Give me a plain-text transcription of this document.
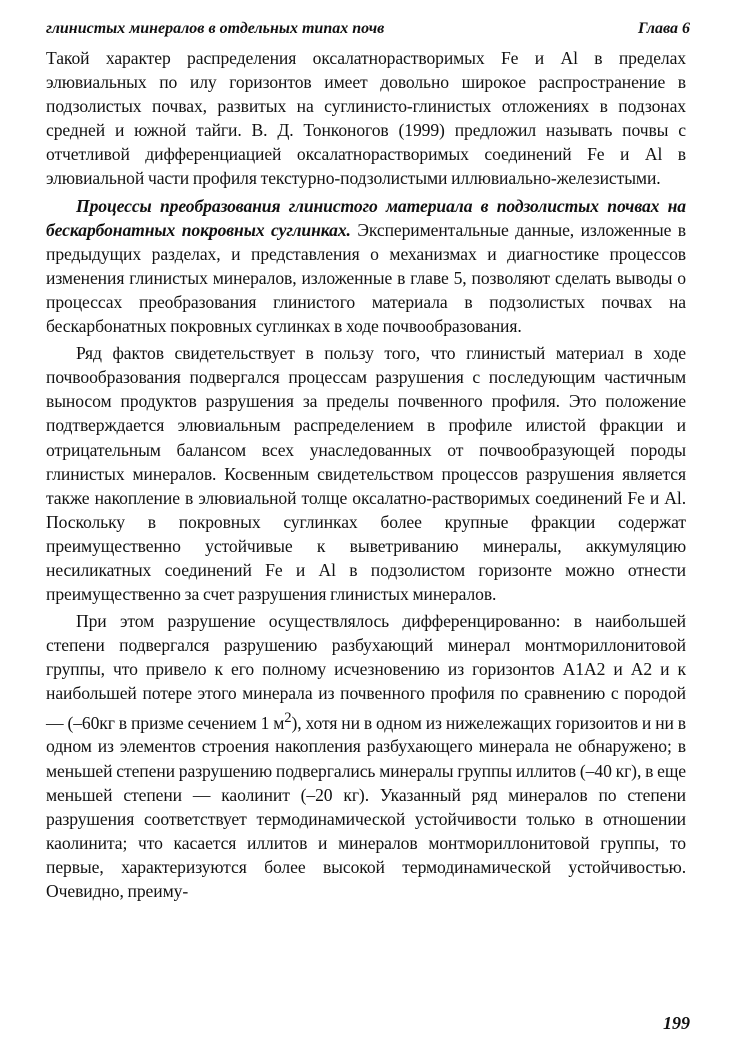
глинистых минералов в отдельных типах почв	Глава 6

Такой характер распределения оксалатнорастворимых Fe и Al в пределах элювиальных по илу горизонтов имеет довольно широкое распространение в подзолистых почвах, развитых на суглинисто-глинистых отложениях в подзонах средней и южной тайги. В. Д. Тонконогов (1999) предложил называть почвы с отчетливой дифференциацией оксалатнорастворимых соединений Fe и Al в элювиальной части профиля текстурно-подзолистыми иллювиально-железистыми.

Процессы преобразования глинистого материала в подзолистых почвах на бескарбонатных покровных суглинках. Экспериментальные данные, изложенные в предыдущих разделах, и представления о механизмах и диагностике процессов изменения глинистых минералов, изложенные в главе 5, позволяют сделать выводы о процессах преобразования глинистого материала в подзолистых почвах на бескарбонатных покровных суглинках в ходе почвообразования.

Ряд фактов свидетельствует в пользу того, что глинистый материал в ходе почвообразования подвергался процессам разрушения с последующим частичным выносом продуктов разрушения за пределы почвенного профиля. Это положение подтверждается элювиальным распределением в профиле илистой фракции и отрицательным балансом всех унаследованных от почвообразующей породы глинистых минералов. Косвенным свидетельством процессов разрушения является также накопление в элювиальной толще оксалатно-растворимых соединений Fe и Al. Поскольку в покровных суглинках более крупные фракции содержат преимущественно устойчивые к выветриванию минералы, аккумуляцию несиликатных соединений Fe и Al в подзолистом горизонте можно отнести преимущественно за счет разрушения глинистых минералов.

При этом разрушение осуществлялось дифференцированно: в наибольшей степени подвергался разрушению разбухающий минерал монтмориллонитовой группы, что привело к его полному исчезновению из горизонтов A1A2 и A2 и к наибольшей потере этого минерала из почвенного профиля по сравнению с породой — (–60кг в призме сечением 1 $м^2$), хотя ни в одном из нижележащих горизоитов и ни в одном из элементов строения накопления разбухающего минерала не обнаружено; в меньшей степени разрушению подвергались минералы группы иллитов (–40 кг), в еще меньшей степени — каолинит (–20 кг). Указанный ряд минералов по степени разрушения соответствует термодинамической устойчивости только в отношении каолинита; что касается иллитов и минералов монтмориллонитовой группы, то первые, характеризуются более высокой термодинамической устойчивостью. Очевидно, преиму-

199
